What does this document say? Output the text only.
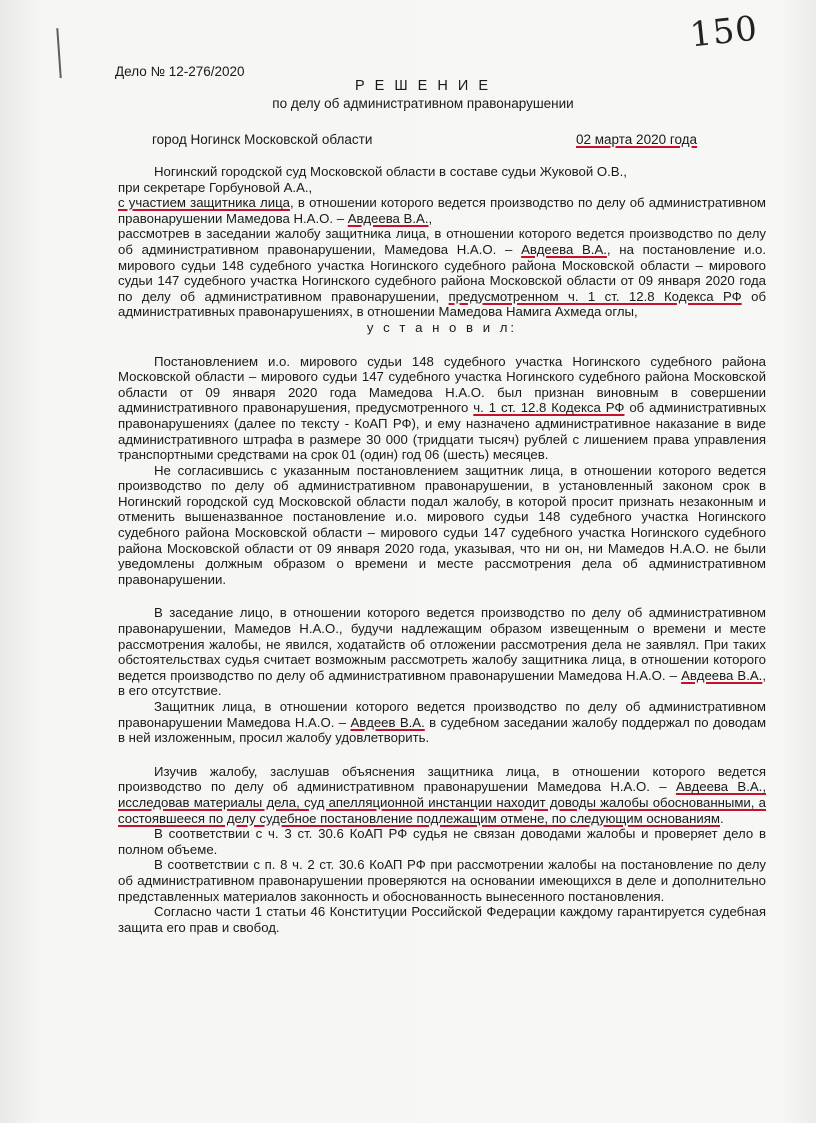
150
Дело № 12-276/2020
Р Е Ш Е Н И Е
по делу об административном правонарушении
город Ногинск Московской области	02 марта 2020 года

Ногинский городской суд Московской области в составе судьи Жуковой О.В.,

при секретаре Горбуновой А.А.,

с участием защитника лица, в отношении которого ведется производство по делу об административном правонарушении Мамедова Н.А.О. – Авдеева В.А.,

рассмотрев в заседании жалобу защитника лица, в отношении которого ведется производство по делу об административном правонарушении, Мамедова Н.А.О. – Авдеева В.А., на постановление и.о. мирового судьи 148 судебного участка Ногинского судебного района Московской области – мирового судьи 147 судебного участка Ногинского судебного района Московской области от 09 января 2020 года по делу об административном правонарушении, предусмотренном ч. 1 ст. 12.8 Кодекса РФ об административных правонарушениях, в отношении Мамедова Намига Ахмеда оглы,

у с т а н о в и л:

Постановлением и.о. мирового судьи 148 судебного участка Ногинского судебного района Московской области – мирового судьи 147 судебного участка Ногинского судебного района Московской области от 09 января 2020 года Мамедова Н.А.О. был признан виновным в совершении административного правонарушения, предусмотренного ч. 1 ст. 12.8 Кодекса РФ об административных правонарушениях (далее по тексту - КоАП РФ), и ему назначено административное наказание в виде административного штрафа в размере 30 000 (тридцати тысяч) рублей с лишением права управления транспортными средствами на срок 01 (один) год 06 (шесть) месяцев.

Не согласившись с указанным постановлением защитник лица, в отношении которого ведется производство по делу об административном правонарушении, в установленный законом срок в Ногинский городской суд Московской области подал жалобу, в которой просит признать незаконным и отменить вышеназванное постановление и.о. мирового судьи 148 судебного участка Ногинского судебного района Московской области – мирового судьи 147 судебного участка Ногинского судебного района Московской области от 09 января 2020 года, указывая, что ни он, ни Мамедов Н.А.О. не были уведомлены должным образом о времени и месте рассмотрения дела об административном правонарушении.

В заседание лицо, в отношении которого ведется производство по делу об административном правонарушении, Мамедов Н.А.О., будучи надлежащим образом извещенным о времени и месте рассмотрения жалобы, не явился, ходатайств об отложении рассмотрения дела не заявлял. При таких обстоятельствах судья считает возможным рассмотреть жалобу защитника лица, в отношении которого ведется производство по делу об административном правонарушении Мамедова Н.А.О. – Авдеева В.А., в его отсутствие.

Защитник лица, в отношении которого ведется производство по делу об административном правонарушении Мамедова Н.А.О. – Авдеев В.А. в судебном заседании жалобу поддержал по доводам в ней изложенным, просил жалобу удовлетворить.

Изучив жалобу, заслушав объяснения защитника лица, в отношении которого ведется производство по делу об административном правонарушении Мамедова Н.А.О. – Авдеева В.А., исследовав материалы дела, суд апелляционной инстанции находит доводы жалобы обоснованными, а состоявшееся по делу судебное постановление подлежащим отмене, по следующим основаниям.

В соответствии с ч. 3 ст. 30.6 КоАП РФ судья не связан доводами жалобы и проверяет дело в полном объеме.

В соответствии с п. 8 ч. 2 ст. 30.6 КоАП РФ при рассмотрении жалобы на постановление по делу об административном правонарушении проверяются на основании имеющихся в деле и дополнительно представленных материалов законность и обоснованность вынесенного постановления.

Согласно части 1 статьи 46 Конституции Российской Федерации каждому гарантируется судебная защита его прав и свобод.
